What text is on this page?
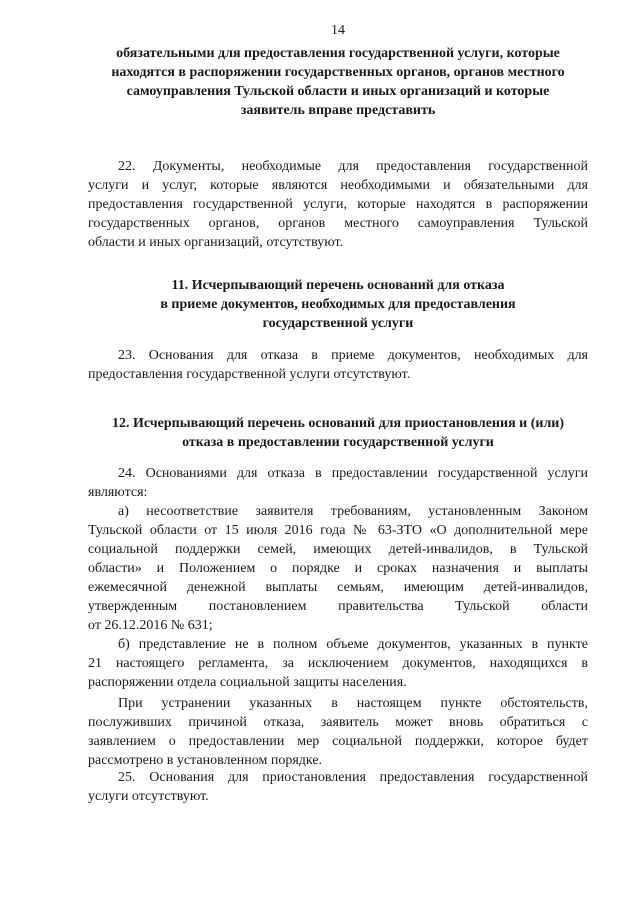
14
обязательными для предоставления государственной услуги, которые
находятся в распоряжении государственных органов, органов местного
самоуправления Тульской области и иных организаций и которые
заявитель вправе представить
22. Документы, необходимые для предоставления государственной
услуги и услуг, которые являются необходимыми и обязательными для
предоставления государственной услуги, которые находятся в распоряжении
государственных органов, органов местного самоуправления Тульской
области и иных организаций, отсутствуют.
11. Исчерпывающий перечень оснований для отказа
в приеме документов, необходимых для предоставления
государственной услуги
23. Основания для отказа в приеме документов, необходимых для
предоставления государственной услуги отсутствуют.
12. Исчерпывающий перечень оснований для приостановления и (или)
отказа в предоставлении государственной услуги
24. Основаниями для отказа в предоставлении государственной услуги
являются:
а) несоответствие заявителя требованиям, установленным Законом
Тульской области от 15 июля 2016 года № 63-ЗТО «О дополнительной мере
социальной поддержки семей, имеющих детей-инвалидов, в Тульской
области» и Положением о порядке и сроках назначения и выплаты
ежемесячной денежной выплаты семьям, имеющим детей-инвалидов,
утвержденным постановлением правительства Тульской области
от 26.12.2016 № 631;
б) представление не в полном объеме документов, указанных в пункте
21 настоящего регламента, за исключением документов, находящихся в
распоряжении отдела социальной защиты населения.
При устранении указанных в настоящем пункте обстоятельств,
послуживших причиной отказа, заявитель может вновь обратиться с
заявлением о предоставлении мер социальной поддержки, которое будет
рассмотрено в установленном порядке.
25. Основания для приостановления предоставления государственной
услуги отсутствуют.
